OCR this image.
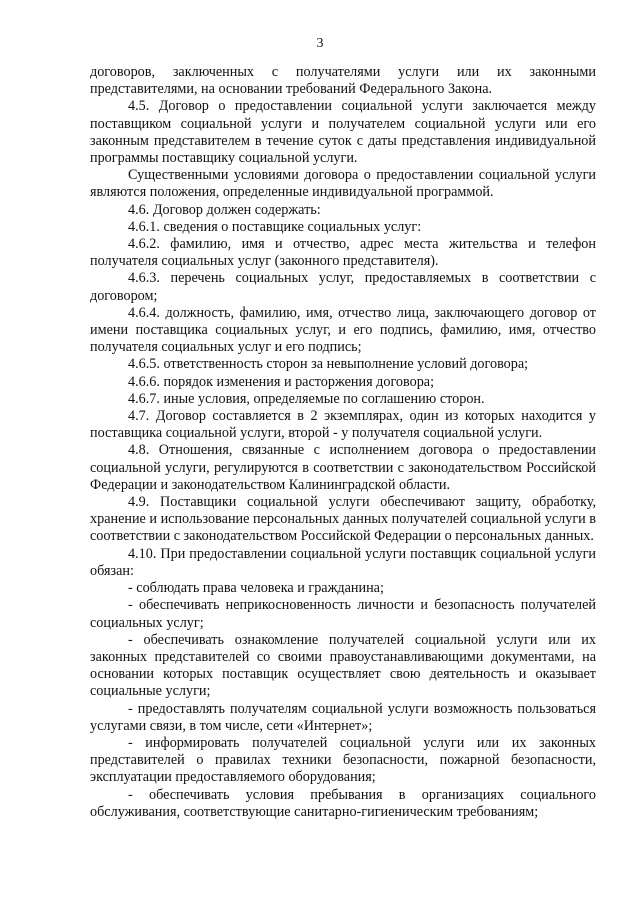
3

договоров, заключенных с получателями услуги или их законными представителями, на основании требований Федерального Закона.

4.5. Договор о предоставлении социальной услуги заключается между поставщиком социальной услуги и получателем социальной услуги или его законным представителем в течение суток с даты представления индивидуальной программы поставщику социальной услуги.

Существенными условиями договора о предоставлении социальной услуги являются положения, определенные индивидуальной программой.

4.6. Договор должен содержать:

4.6.1. сведения о поставщике социальных услуг:

4.6.2. фамилию, имя и отчество, адрес места жительства и телефон получателя социальных услуг (законного представителя).

4.6.3. перечень социальных услуг, предоставляемых в соответствии с договором;

4.6.4. должность, фамилию, имя, отчество лица, заключающего договор от имени поставщика социальных услуг, и его подпись, фамилию, имя, отчество получателя социальных услуг и его подпись;

4.6.5. ответственность сторон за невыполнение условий договора;

4.6.6. порядок изменения и расторжения договора;

4.6.7. иные условия, определяемые по соглашению сторон.

4.7. Договор составляется в 2 экземплярах, один из которых находится у поставщика социальной услуги, второй - у получателя социальной услуги.

4.8. Отношения, связанные с исполнением договора о предоставлении социальной услуги, регулируются в соответствии с законодательством Российской Федерации и законодательством Калининградской области.

4.9. Поставщики социальной услуги обеспечивают защиту, обработку, хранение и использование персональных данных получателей социальной услуги в соответствии с законодательством Российской Федерации о персональных данных.

4.10. При предоставлении социальной услуги поставщик социальной услуги обязан:

- соблюдать права человека и гражданина;

- обеспечивать неприкосновенность личности и безопасность получателей социальных услуг;

- обеспечивать ознакомление получателей социальной услуги или их законных представителей со своими правоустанавливающими документами, на основании которых поставщик осуществляет свою деятельность и оказывает социальные услуги;

- предоставлять получателям социальной услуги возможность пользоваться услугами связи, в том числе, сети «Интернет»;

- информировать получателей социальной услуги или их законных представителей о правилах техники безопасности, пожарной безопасности, эксплуатации предоставляемого оборудования;

- обеспечивать условия пребывания в организациях социального обслуживания, соответствующие санитарно-гигиеническим требованиям;
